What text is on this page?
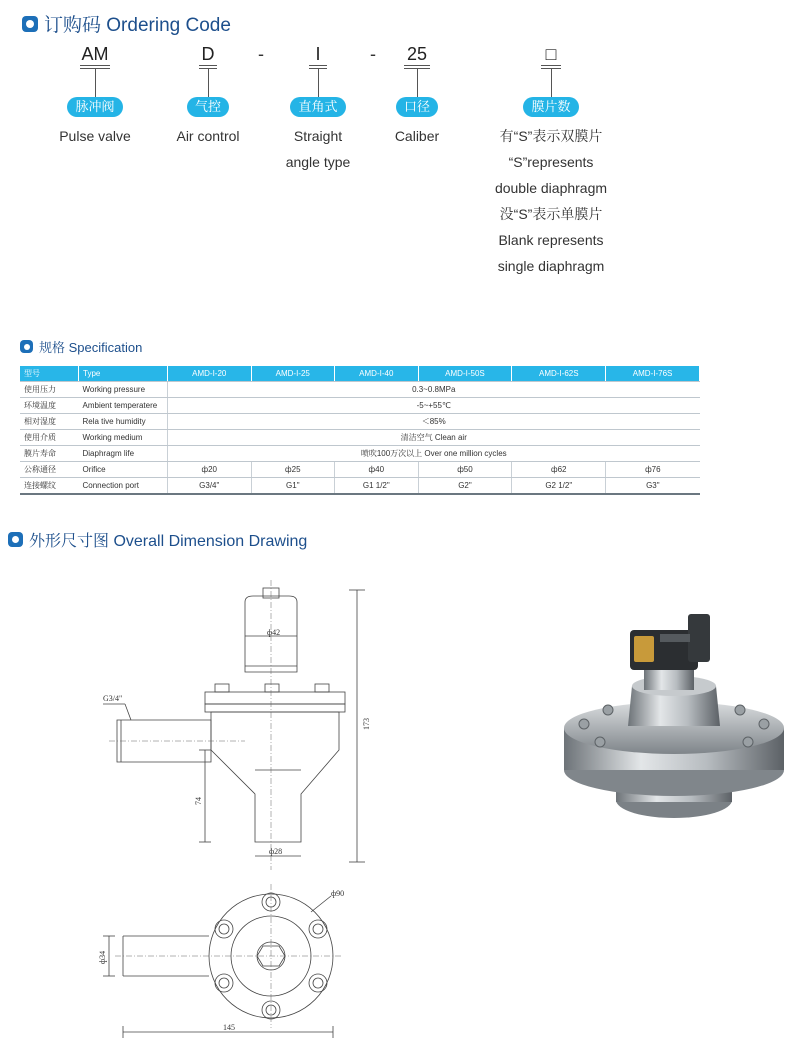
订购码 Ordering Code
AM
脉冲阀
Pulse valve
D
气控
Air control
-	I
直角式
Straight
angle type
-	25
口径
Caliber
□
膜片数
有“S”表示双膜片
“S”represents
double diaphragm
没“S”表示单膜片
Blank represents
single diaphragm
规格 Specification
型号	Type	AMD-I-20	AMD-I-25	AMD-I-40	AMD-I-50S	AMD-I-62S	AMD-I-76S
使用压力	Working pressure	0.3~0.8MPa					
环境温度	Ambient temperatere	-5~+55℃					
相对湿度	Rela tive humidity	＜85%					
使用介质	Working medium	清洁空气 Clean air					
膜片寿命	Diaphragm life	喷吹100万次以上 Over one million cycles					
公称通径	Orifice	ф20	ф25	ф40	ф50	ф62	ф76
连接螺纹	Connection port	G3/4"	G1"	G1 1/2"	G2"	G2 1/2"	G3"
外形尺寸图 Overall Dimension Drawing
ф42
G3/4"
173
74
ф28
ф90
ф34
145
